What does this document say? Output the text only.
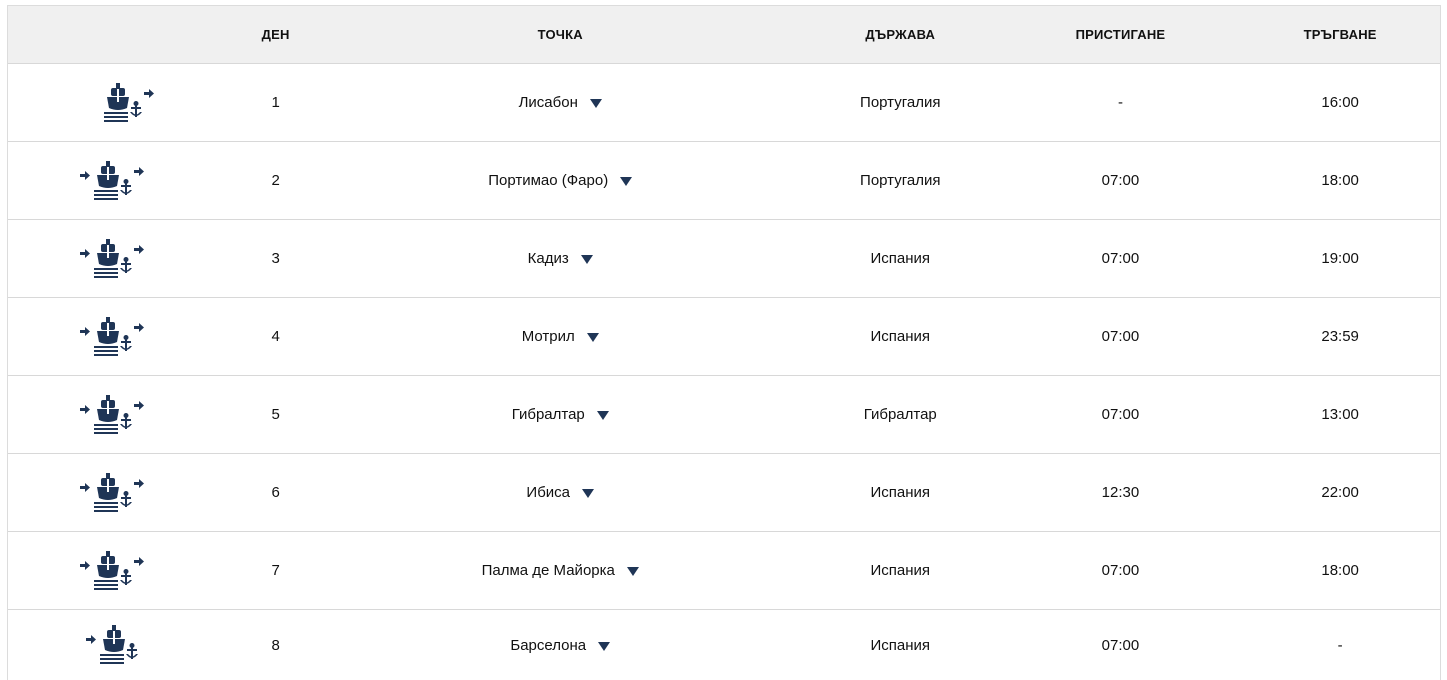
ДЕН	ТОЧКА	ДЪРЖАВА	ПРИСТИГАНЕ	ТРЪГВАНЕ
1	Лисабон	Португалия	-	16:00
2	Портимао (Фаро)	Португалия	07:00	18:00
3	Кадиз	Испания	07:00	19:00
4	Мотрил	Испания	07:00	23:59
5	Гибралтар	Гибралтар	07:00	13:00
6	Ибиса	Испания	12:30	22:00
7	Палма де Майорка	Испания	07:00	18:00
8	Барселона	Испания	07:00	-
